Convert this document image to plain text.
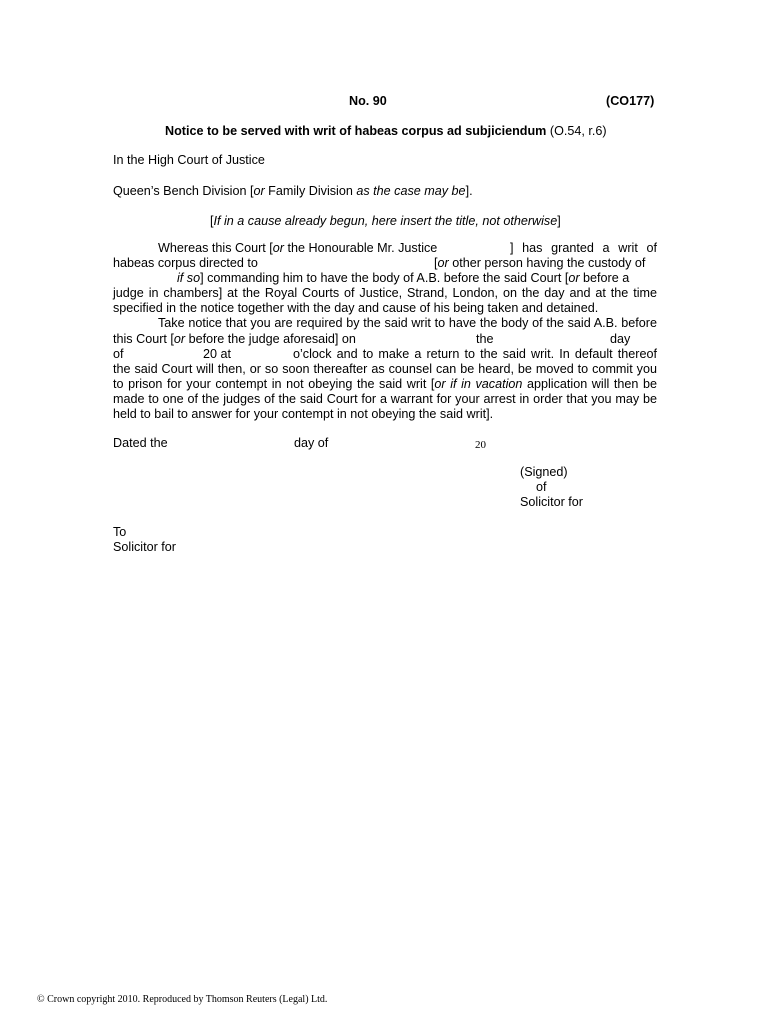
No. 90	(CO177)
Notice to be served with writ of habeas corpus ad subjiciendum (O.54, r.6)
In the High Court of Justice
Queen’s Bench Division [or Family Division as the case may be].
[If in a cause already begun, here insert the title, not otherwise]
Whereas this Court [or the Honourable Mr. Justice	] has granted a writ of
habeas corpus directed to	[or other person having the custody of
if so] commanding him to have the body of A.B. before the said Court [or before a
judge in chambers] at the Royal Courts of Justice, Strand, London, on the day and at the time
specified in the notice together with the day and cause of his being taken and detained.
Take notice that you are required by the said writ to have the body of the said A.B. before
this Court [or before the judge aforesaid] on	the	day
of	20 at	o’clock and to make a return to the said writ. In default thereof
the said Court will then, or so soon thereafter as counsel can be heard, be moved to commit you
to prison for your contempt in not obeying the said writ [or if in vacation application will then be
made to one of the judges of the said Court for a warrant for your arrest in order that you may be
held to bail to answer for your contempt in not obeying the said writ].
Dated the	day of	20
(Signed)
of
Solicitor for
To
Solicitor for
© Crown copyright 2010. Reproduced by Thomson Reuters (Legal) Ltd.
